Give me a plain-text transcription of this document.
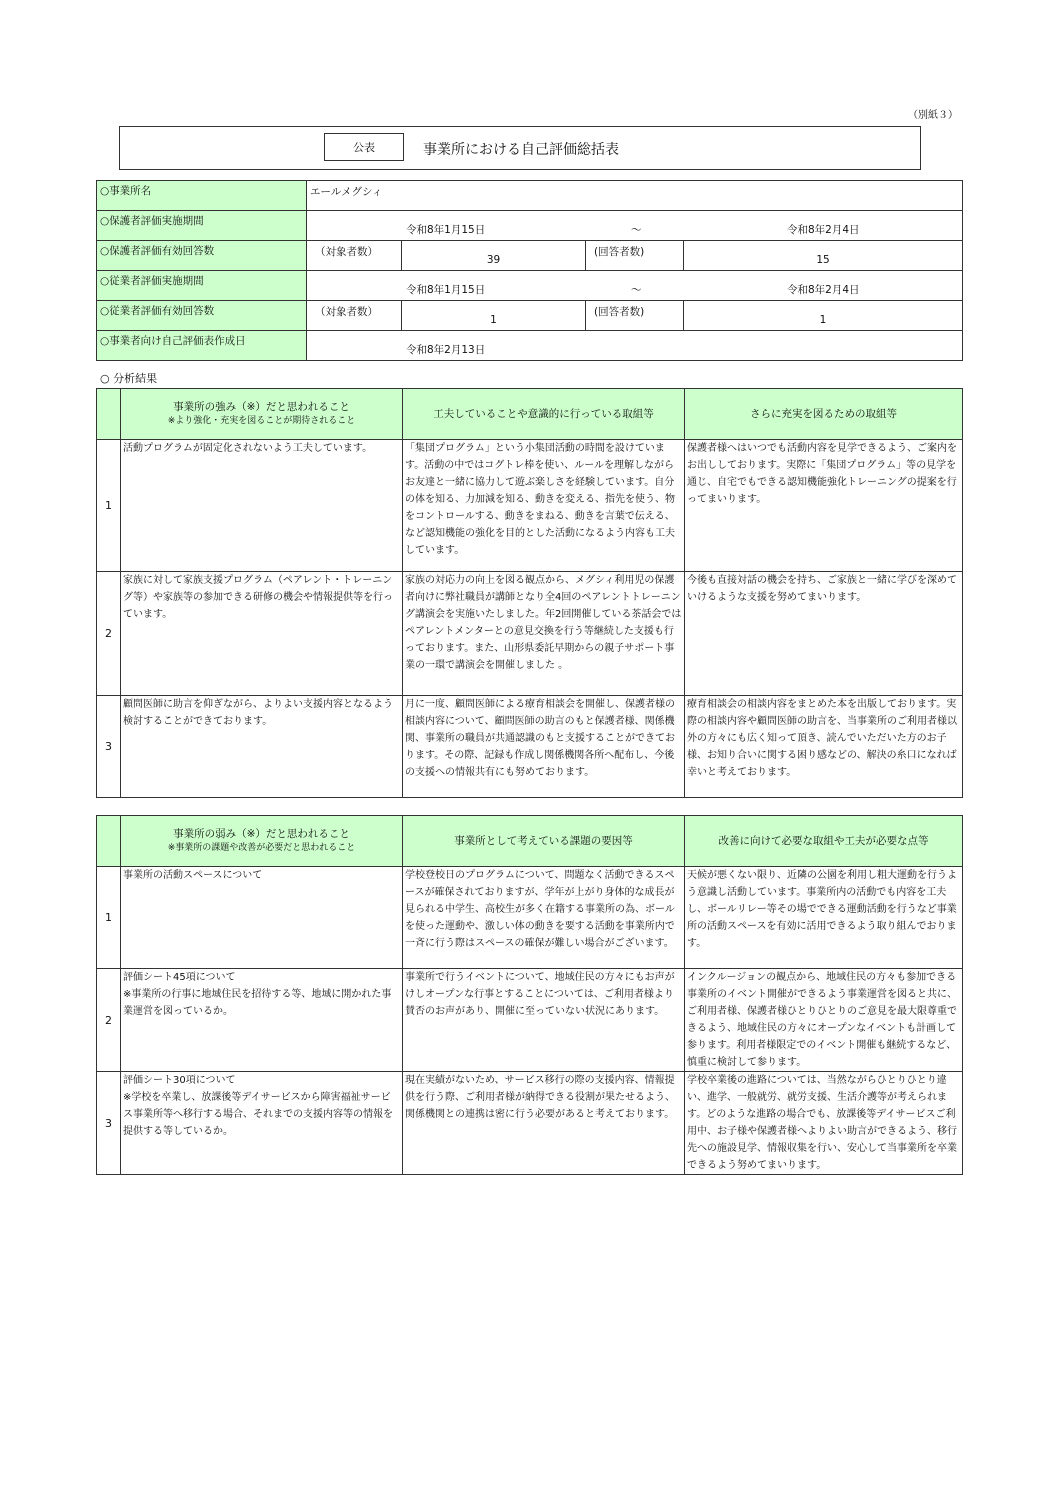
（別紙３）
公表	事業所における自己評価総括表
○事業所名	エールメグシィ			
○保護者評価実施期間	令和8年1月15日 ～ 令和8年2月4日			

○保護者評価有効回答数	（対象者数）	39	(回答者数)	15
○従業者評価実施期間	令和8年1月15日 ～ 令和8年2月4日			

○従業者評価有効回答数	（対象者数）	1	(回答者数)	1
○事業者向け自己評価表作成日	令和8年2月13日			
○ 分析結果

	事業所の強み（※）だと思われること
※より強化・充実を図ることが期待されること	工夫していることや意識的に行っている取組等	さらに充実を図るための取組等
1	活動プログラムが固定化されないよう工夫しています。	「集団プログラム」という小集団活動の時間を設けています。活動の中ではコグトレ棒を使い、ルールを理解しながらお友達と一緒に協力して遊ぶ楽しさを経験しています。自分の体を知る、力加減を知る、動きを変える、指先を使う、物をコントロールする、動きをまねる、動きを言葉で伝える、など認知機能の強化を目的とした活動になるよう内容も工夫しています。	保護者様へはいつでも活動内容を見学できるよう、ご案内をお出ししております。実際に「集団プログラム」等の見学を通じ、自宅でもできる認知機能強化トレーニングの提案を行ってまいります。
2	家族に対して家族支援プログラム（ペアレント・トレーニング等）や家族等の参加できる研修の機会や情報提供等を行っています。	家族の対応力の向上を図る観点から、メグシィ利用児の保護者向けに弊社職員が講師となり全4回のペアレントトレーニング講演会を実施いたしました。年2回開催している茶話会ではペアレントメンターとの意見交換を行う等継続した支援も行っております。また、山形県委託早期からの親子サポート事業の一環で講演会を開催しました 。	今後も直接対話の機会を持ち、ご家族と一緒に学びを深めていけるような支援を努めてまいります。
3	顧問医師に助言を仰ぎながら、よりよい支援内容となるよう検討することができております。	月に一度、顧問医師による療育相談会を開催し、保護者様の相談内容について、顧問医師の助言のもと保護者様、関係機関、事業所の職員が共通認識のもと支援することができております。その際、記録も作成し関係機関各所へ配布し、今後の支援への情報共有にも努めております。	療育相談会の相談内容をまとめた本を出版しております。実際の相談内容や顧問医師の助言を、当事業所のご利用者様以外の方々にも広く知って頂き、読んでいただいた方のお子様、お知り合いに関する困り感などの、解決の糸口になれば幸いと考えております。

	事業所の弱み（※）だと思われること
※事業所の課題や改善が必要だと思われること	事業所として考えている課題の要因等	改善に向けて必要な取組や工夫が必要な点等
1	事業所の活動スペースについて	学校登校日のプログラムについて、問題なく活動できるスペースが確保されておりますが、学年が上がり身体的な成長が見られる中学生、高校生が多く在籍する事業所の為、ボールを使った運動や、激しい体の動きを要する活動を事業所内で一斉に行う際はスペースの確保が難しい場合がございます。	天候が悪くない限り、近隣の公園を利用し粗大運動を行うよう意識し活動しています。事業所内の活動でも内容を工夫し、ボールリレー等その場でできる運動活動を行うなど事業所の活動スペースを有効に活用できるよう取り組んでおります。
2	評価シート45項について
※事業所の行事に地域住民を招待する等、地域に開かれた事業運営を図っているか。	事業所で行うイベントについて、地域住民の方々にもお声がけしオープンな行事とすることについては、ご利用者様より賛否のお声があり、開催に至っていない状況にあります。	インクルージョンの観点から、地域住民の方々も参加できる事業所のイベント開催ができるよう事業運営を図ると共に、ご利用者様、保護者様ひとりひとりのご意見を最大限尊重できるよう、地域住民の方々にオープンなイベントも計画して参ります。利用者様限定でのイベント開催も継続するなど、慎重に検討して参ります。
3	評価シート30項について
※学校を卒業し、放課後等デイサービスから障害福祉サービス事業所等へ移行する場合、それまでの支援内容等の情報を提供する等しているか。	現在実績がないため、サービス移行の際の支援内容、情報提供を行う際、ご利用者様が納得できる役割が果たせるよう、関係機関との連携は密に行う必要があると考えております。	学校卒業後の進路については、当然ながらひとりひとり違い、進学、一般就労、就労支援、生活介護等が考えられます。どのような進路の場合でも、放課後等デイサービスご利用中、お子様や保護者様へよりよい助言ができるよう、移行先への施設見学、情報収集を行い、安心して当事業所を卒業できるよう努めてまいります。
